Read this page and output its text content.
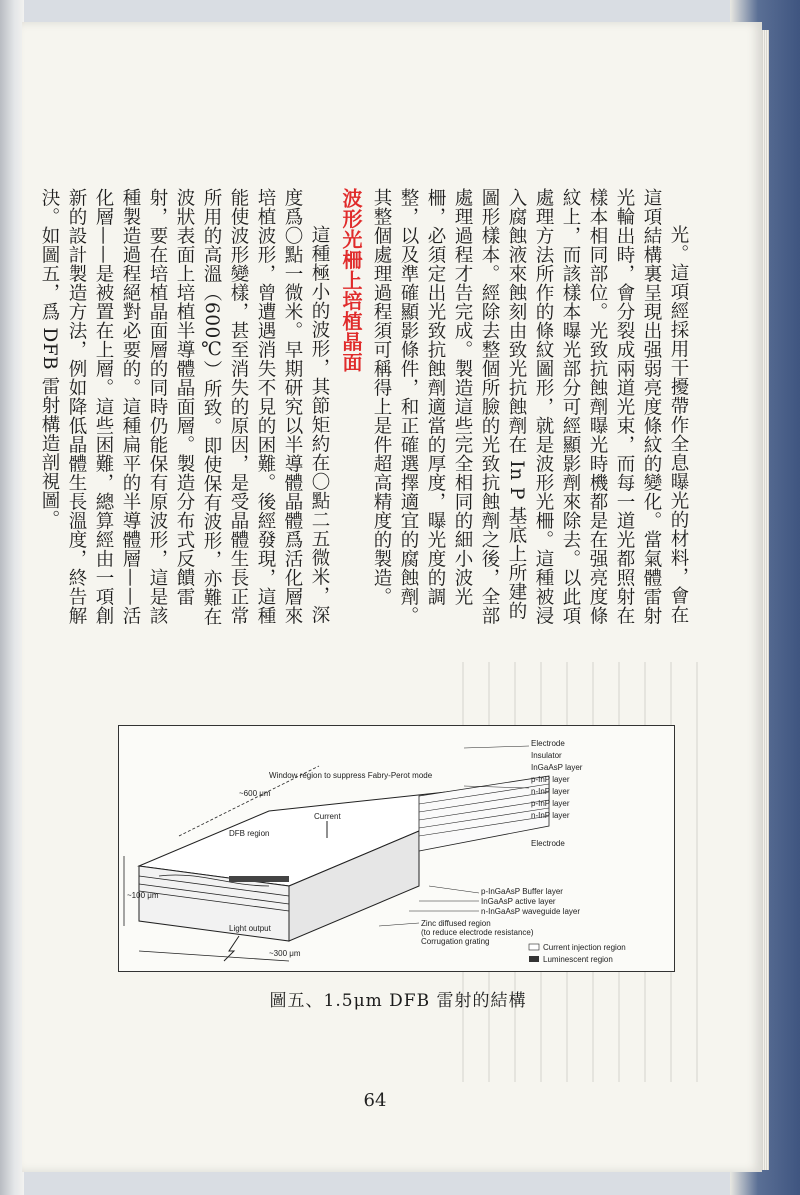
光。這項經採用干擾帶作全息曝光的材料，會在這項結構裏呈現出强弱亮度條紋的變化。當氣體雷射光輪出時，會分裂成兩道光束，而每一道光都照射在樣本相同部位。光致抗蝕劑曝光時機都是在强亮度條紋上，而該樣本曝光部分可經顯影劑來除去。以此項處理方法所作的條紋圖形，就是波形光柵。這種被浸入腐蝕液來蝕刻由致光抗蝕劑在 In P 基底上所建的圖形樣本。經除去整個所臉的光致抗蝕劑之後，全部處理過程才告完成。製造這些完全相同的細小波光柵，必須定出光致抗蝕劑適當的厚度，曝光度的調整，以及準確顯影條件，和正確選擇適宜的腐蝕劑。其整個處理過程須可稱得上是件超高精度的製造。

波形光柵上培植晶面

這種極小的波形，其節矩約在〇點二五微米，深度爲〇點一微米。早期研究以半導體晶體爲活化層來培植波形，曾遭遇消失不見的困難。後經發現，這種能使波形變樣，甚至消失的原因，是受晶體生長正常所用的高溫（600℃）所致。即使保有波形，亦難在波狀表面上培植半導體晶面層。製造分布式反饋雷射，要在培植晶面層的同時仍能保有原波形，這是該種製造過程絕對必要的。這種扁平的半導體層——活化層——是被置在上層。這些困難，總算經由一項創新的設計製造方法，例如降低晶體生長溫度，終告解決。如圖五，爲 DFB 雷射構造剖視圖。

Window region to suppress Fabry-Perot mode
~600 μm
DFB region
Current
~100 μm
Light output
~300 μm
Electrode
Insulator
InGaAsP layer
p-InP layer
n-InP layer
p-InP layer
n-InP layer
Electrode
p-InGaAsP Buffer layer
InGaAsP active layer
n-InGaAsP waveguide layer
Zinc diffused region
(to reduce electrode resistance)
Corrugation grating
Current injection region
Luminescent region
圖五、1.5μm DFB 雷射的結構
64
